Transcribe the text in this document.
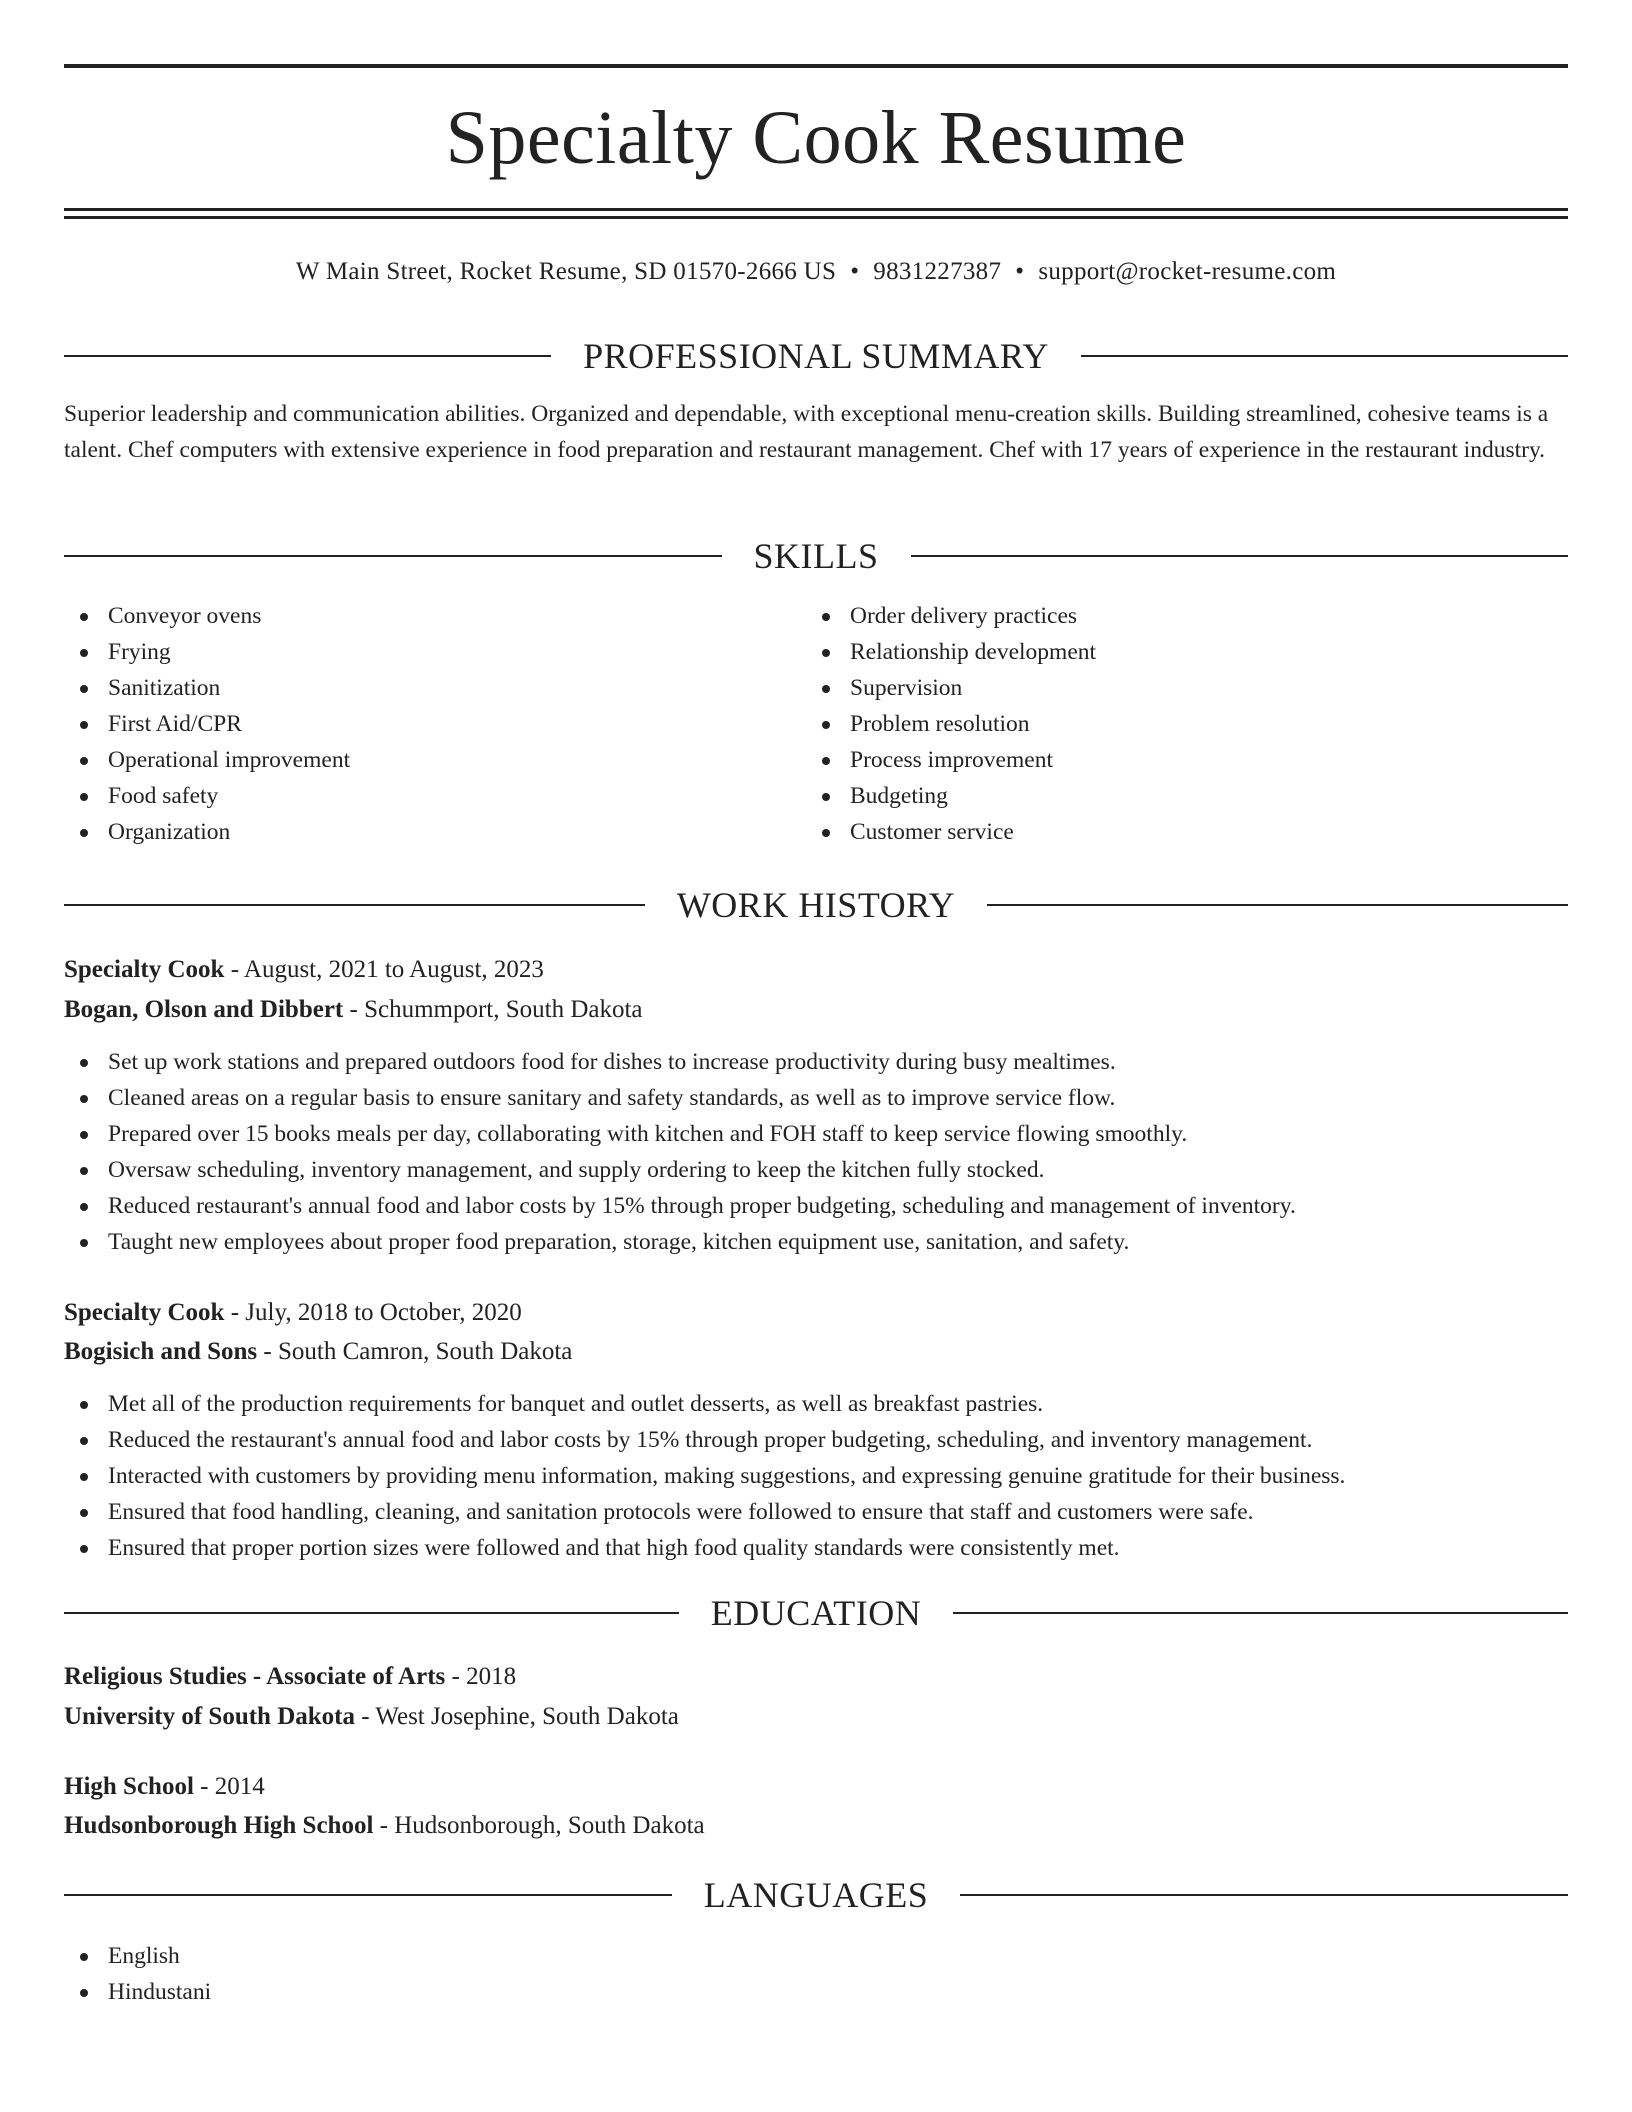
Specialty Cook Resume
W Main Street, Rocket Resume, SD 01570-2666 US • 9831227387 • support@rocket-resume.com
PROFESSIONAL SUMMARY
Superior leadership and communication abilities. Organized and dependable, with exceptional menu-creation skills. Building streamlined, cohesive teams is a talent. Chef computers with extensive experience in food preparation and restaurant management. Chef with 17 years of experience in the restaurant industry.
SKILLS
Conveyor ovens
Frying
Sanitization
First Aid/CPR
Operational improvement
Food safety
Organization
Order delivery practices
Relationship development
Supervision
Problem resolution
Process improvement
Budgeting
Customer service
WORK HISTORY
Specialty Cook - August, 2021 to August, 2023
Bogan, Olson and Dibbert - Schummport, South Dakota
Set up work stations and prepared outdoors food for dishes to increase productivity during busy mealtimes.
Cleaned areas on a regular basis to ensure sanitary and safety standards, as well as to improve service flow.
Prepared over 15 books meals per day, collaborating with kitchen and FOH staff to keep service flowing smoothly.
Oversaw scheduling, inventory management, and supply ordering to keep the kitchen fully stocked.
Reduced restaurant's annual food and labor costs by 15% through proper budgeting, scheduling and management of inventory.
Taught new employees about proper food preparation, storage, kitchen equipment use, sanitation, and safety.
Specialty Cook - July, 2018 to October, 2020
Bogisich and Sons - South Camron, South Dakota
Met all of the production requirements for banquet and outlet desserts, as well as breakfast pastries.
Reduced the restaurant's annual food and labor costs by 15% through proper budgeting, scheduling, and inventory management.
Interacted with customers by providing menu information, making suggestions, and expressing genuine gratitude for their business.
Ensured that food handling, cleaning, and sanitation protocols were followed to ensure that staff and customers were safe.
Ensured that proper portion sizes were followed and that high food quality standards were consistently met.
EDUCATION
Religious Studies - Associate of Arts - 2018
University of South Dakota - West Josephine, South Dakota
High School - 2014
Hudsonborough High School - Hudsonborough, South Dakota
LANGUAGES
English
Hindustani
